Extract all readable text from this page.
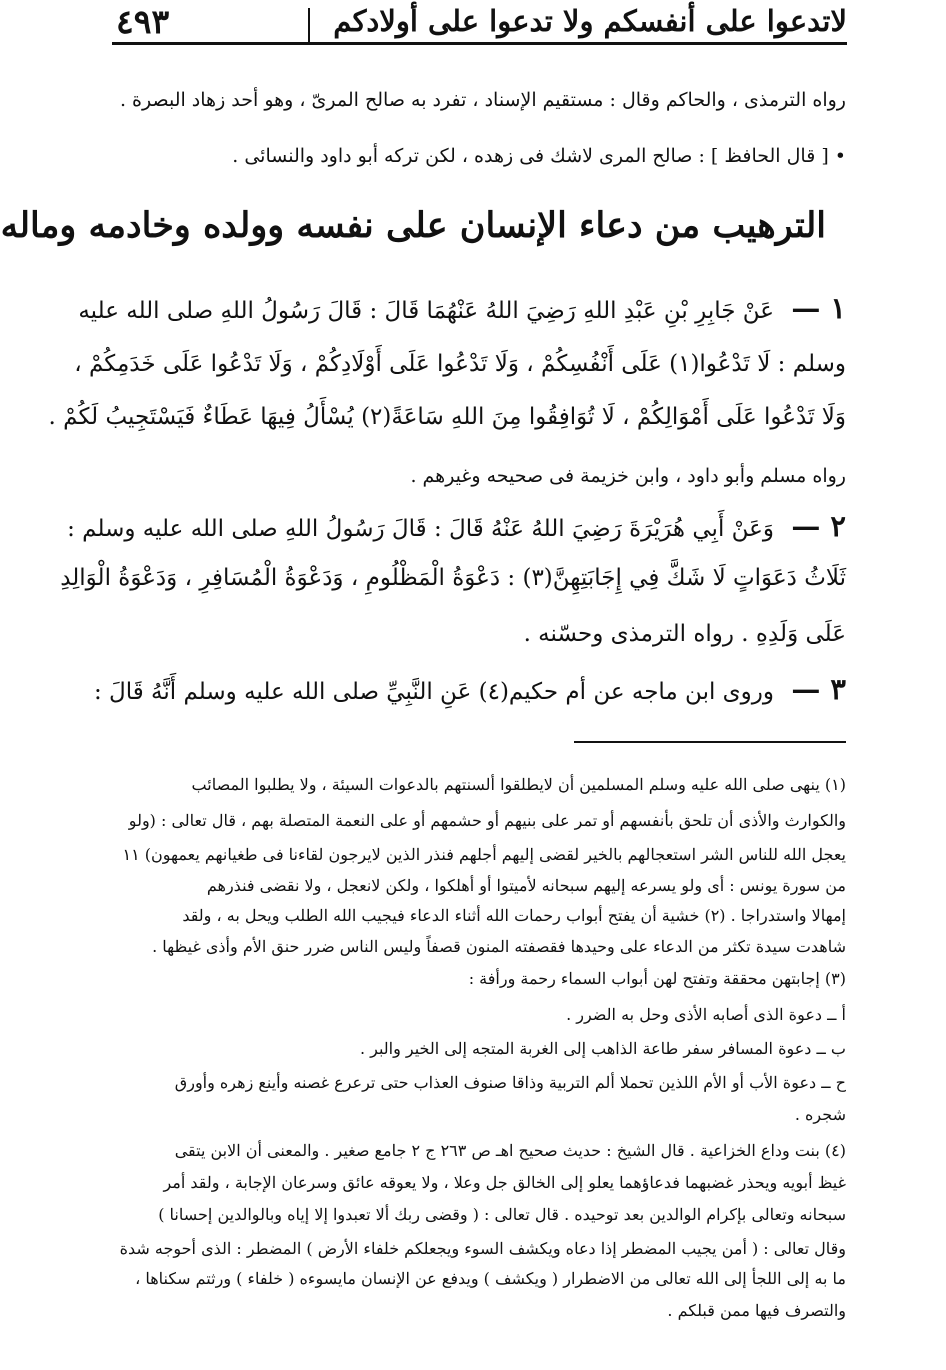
لاتدعوا على أنفسكم ولا تدعوا على أولادكم
٤٩٣
رواه الترمذى ، والحاكم وقال : مستقيم الإسناد ، تفرد به صالح المرىّ ، وهو أحد زهاد البصرة .
• [ قال الحافظ ] : صالح المرى لاشك فى زهده ، لكن تركه أبو داود والنسائى .
الترهيب من دعاء الإنسان على نفسه وولده وخادمه وماله
١ — عَنْ جَابِرِ بْنِ عَبْدِ اللهِ رَضِيَ اللهُ عَنْهُمَا قَالَ : قَالَ رَسُولُ اللهِ صلى الله عليه
وسلم : لَا تَدْعُوا(١) عَلَى أَنْفُسِكُمْ ، وَلَا تَدْعُوا عَلَى أَوْلَادِكُمْ ، وَلَا تَدْعُوا عَلَى خَدَمِكُمْ ،
وَلَا تَدْعُوا عَلَى أَمْوَالِكُمْ ، لَا تُوَافِقُوا مِنَ اللهِ سَاعَةً(٢) يُسْأَلُ فِيهَا عَطَاءٌ فَيَسْتَجِيبُ لَكُمْ .
رواه مسلم وأبو داود ، وابن خزيمة فى صحيحه وغيرهم .
٢ — وَعَنْ أَبِي هُرَيْرَةَ رَضِيَ اللهُ عَنْهُ قَالَ : قَالَ رَسُولُ اللهِ صلى الله عليه وسلم :
ثَلَاثُ دَعَوَاتٍ لَا شَكَّ فِي إِجَابَتِهِنَّ(٣) : دَعْوَةُ الْمَظْلُومِ ، وَدَعْوَةُ الْمُسَافِرِ ، وَدَعْوَةُ الْوَالِدِ
عَلَى وَلَدِهِ . رواه الترمذى وحسّنه .
٣ — وروى ابن ماجه عن أم حكيم(٤) عَنِ النَّبِيِّ صلى الله عليه وسلم أَنَّهُ قَالَ :
(١) ينهى صلى الله عليه وسلم المسلمين أن لايطلقوا ألسنتهم بالدعوات السيئة ، ولا يطلبوا المصائب
والكوارث والأذى أن تلحق بأنفسهم أو تمر على بنيهم أو حشمهم أو على النعمة المتصلة بهم ، قال تعالى : (ولو
يعجل الله للناس الشر استعجالهم بالخير لقضى إليهم أجلهم فنذر الذين لايرجون لقاءنا فى طغيانهم يعمهون) ١١
من سورة يونس : أى ولو يسرعه إليهم سبحانه لأميتوا أو أهلكوا ، ولكن لانعجل ، ولا نقضى فنذرهم
إمهالا واستدراجا . (٢) خشية أن يفتح أبواب رحمات الله أثناء الدعاء فيجيب الله الطلب ويحل به ، ولقد
شاهدت سيدة تكثر من الدعاء على وحيدها فقصفته المنون قصفاً وليس الناس ضرر حنق الأم وأذى غيظها .
(٣) إجابتهن محققة وتفتح لهن أبواب السماء رحمة ورأفة :
أ ــ دعوة الذى أصابه الأذى وحل به الضرر .
ب ــ دعوة المسافر سفر طاعة الذاهب إلى الغربة المتجه إلى الخير والبر .
ح ــ دعوة الأب أو الأم اللذين تحملا ألم التربية وذاقا صنوف العذاب حتى ترعرع غصنه وأينع زهره وأورق
شجره .
(٤) بنت وداع الخزاعية . قال الشيخ : حديث صحيح اهـ ص ٢٦٣ ج ٢ جامع صغير . والمعنى أن الابن يتقى
غيظ أبويه ويحذر غضبهما فدعاؤهما يعلو إلى الخالق جل وعلا ، ولا يعوقه عائق وسرعان الإجابة ، ولقد أمر
سبحانه وتعالى بإكرام الوالدين بعد توحيده . قال تعالى : ( وقضى ربك ألا تعبدوا إلا إياه وبالوالدين إحسانا )
وقال تعالى : ( أمن يجيب المضطر إذا دعاه ويكشف السوء ويجعلكم خلفاء الأرض ) المضطر : الذى أحوجه شدة
ما به إلى اللجأ إلى الله تعالى من الاضطرار ( ويكشف ) ويدفع عن الإنسان مايسوءه ( خلفاء ) ورثتم سكناها ،
والتصرف فيها ممن قبلكم .
